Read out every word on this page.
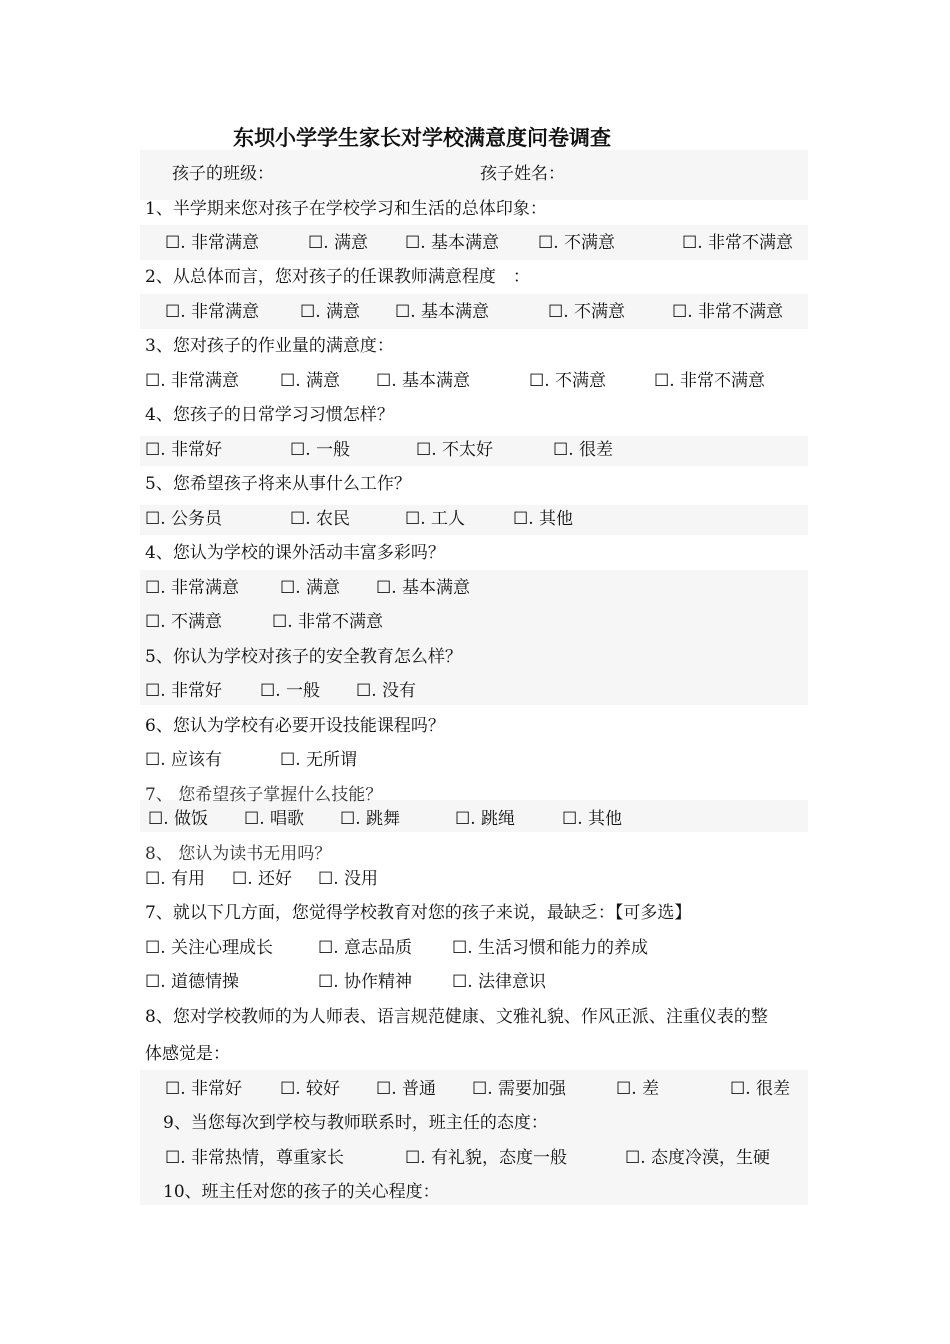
东坝小学学生家长对学校满意度问卷调查
孩子的班级：	孩子姓名：
1、半学期来您对孩子在学校学习和生活的总体印象：
☐. 非常满意	☐. 满意 ☐. 基本满意 ☐. 不满意	☐. 非常不满意
2、从总体而言，您对孩子的任课教师满意程度　：
☐. 非常满意 ☐. 满意 ☐. 基本满意	☐. 不满意	☐. 非常不满意
3、您对孩子的作业量的满意度：
☐. 非常满意 ☐. 满意 ☐. 基本满意	☐. 不满意	☐. 非常不满意
4、您孩子的日常学习习惯怎样？
☐. 非常好	☐. 一般	☐. 不太好	☐. 很差
5、您希望孩子将来从事什么工作？
☐. 公务员	☐. 农民	☐. 工人	☐. 其他
4、您认为学校的课外活动丰富多彩吗？
☐. 非常满意 ☐. 满意 ☐. 基本满意
☐. 不满意	☐. 非常不满意
5、你认为学校对孩子的安全教育怎么样？
☐. 非常好 ☐. 一般 ☐. 没有
6、您认为学校有必要开设技能课程吗？
☐. 应该有	☐. 无所谓
7、 您希望孩子掌握什么技能？
☐. 做饭 ☐. 唱歌 ☐. 跳舞	☐. 跳绳	☐. 其他
8、 您认为读书无用吗？
☐. 有用 ☐. 还好 ☐. 没用
7、就以下几方面，您觉得学校教育对您的孩子来说，最缺乏：【可多选】
☐. 关注心理成长	☐. 意志品质 ☐. 生活习惯和能力的养成
☐. 道德情操	☐. 协作精神 ☐. 法律意识
8、您对学校教师的为人师表、语言规范健康、文雅礼貌、作风正派、注重仪表的整
体感觉是：
☐. 非常好 ☐. 较好 ☐. 普通 ☐. 需要加强	☐. 差	☐. 很差
9、当您每次到学校与教师联系时，班主任的态度：
☐. 非常热情，尊重家长	☐. 有礼貌，态度一般	☐. 态度冷漠，生硬
10、班主任对您的孩子的关心程度：
